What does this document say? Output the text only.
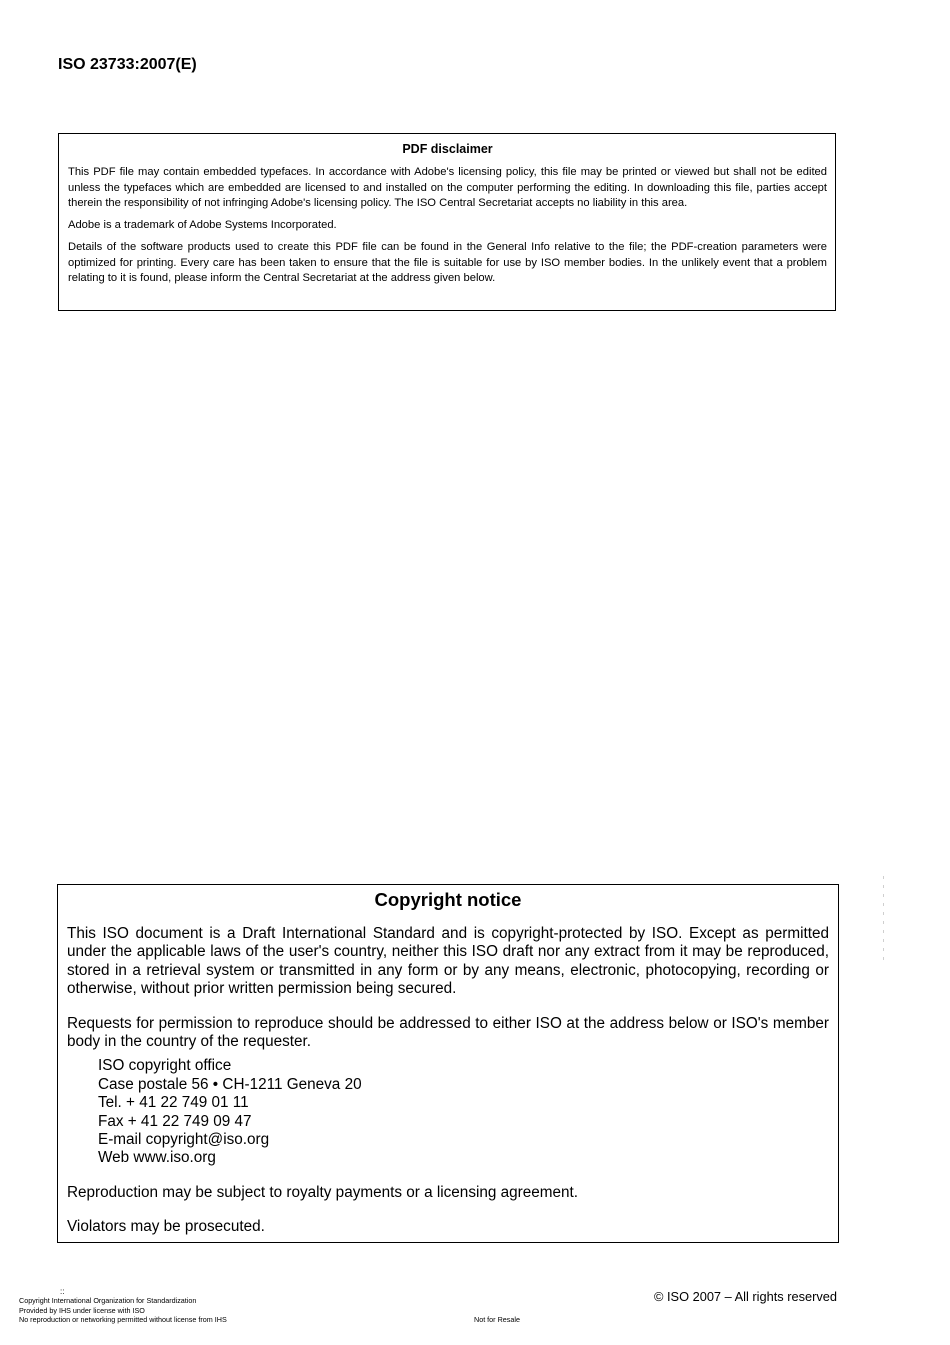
ISO 23733:2007(E)
PDF disclaimer

This PDF file may contain embedded typefaces. In accordance with Adobe's licensing policy, this file may be printed or viewed but shall not be edited unless the typefaces which are embedded are licensed to and installed on the computer performing the editing. In downloading this file, parties accept therein the responsibility of not infringing Adobe's licensing policy. The ISO Central Secretariat accepts no liability in this area.

Adobe is a trademark of Adobe Systems Incorporated.

Details of the software products used to create this PDF file can be found in the General Info relative to the file; the PDF-creation parameters were optimized for printing. Every care has been taken to ensure that the file is suitable for use by ISO member bodies. In the unlikely event that a problem relating to it is found, please inform the Central Secretariat at the address given below.

Copyright notice

This ISO document is a Draft International Standard and is copyright-protected by ISO. Except as permitted under the applicable laws of the user's country, neither this ISO draft nor any extract from it may be reproduced, stored in a retrieval system or transmitted in any form or by any means, electronic, photocopying, recording or otherwise, without prior written permission being secured.

Requests for permission to reproduce should be addressed to either ISO at the address below or ISO's member body in the country of the requester.

ISO copyright office
Case postale 56 • CH-1211 Geneva 20
Tel. + 41 22 749 01 11
Fax + 41 22 749 09 47
E-mail copyright@iso.org
Web www.iso.org

Reproduction may be subject to royalty payments or a licensing agreement.

Violators may be prosecuted.

::
Copyright International Organization for Standardization
Provided by IHS under license with ISO
No reproduction or networking permitted without license from IHS	Not for Resale
© ISO 2007 – All rights reserved
